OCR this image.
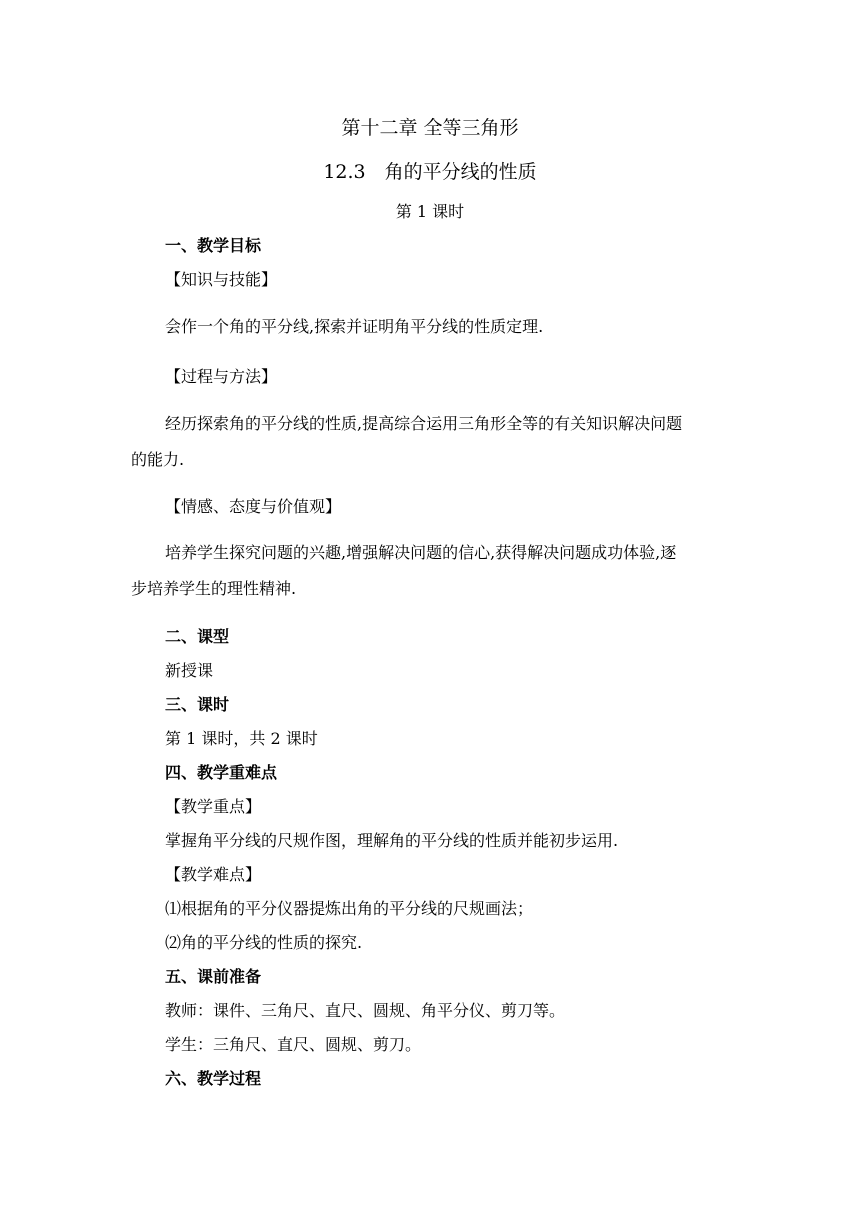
第十二章 全等三角形
12.3　角的平分线的性质
第 1 课时
一、教学目标
【知识与技能】
会作一个角的平分线,探索并证明角平分线的性质定理.
【过程与方法】
经历探索角的平分线的性质,提高综合运用三角形全等的有关知识解决问题
的能力.
【情感、态度与价值观】
培养学生探究问题的兴趣,增强解决问题的信心,获得解决问题成功体验,逐
步培养学生的理性精神.
二、课型
新授课
三、课时
第 1 课时，共 2 课时
四、教学重难点
【教学重点】
掌握角平分线的尺规作图，理解角的平分线的性质并能初步运用.
【教学难点】
⑴根据角的平分仪器提炼出角的平分线的尺规画法；
⑵角的平分线的性质的探究.
五、课前准备
教师：课件、三角尺、直尺、圆规、角平分仪、剪刀等。
学生：三角尺、直尺、圆规、剪刀。
六、教学过程
